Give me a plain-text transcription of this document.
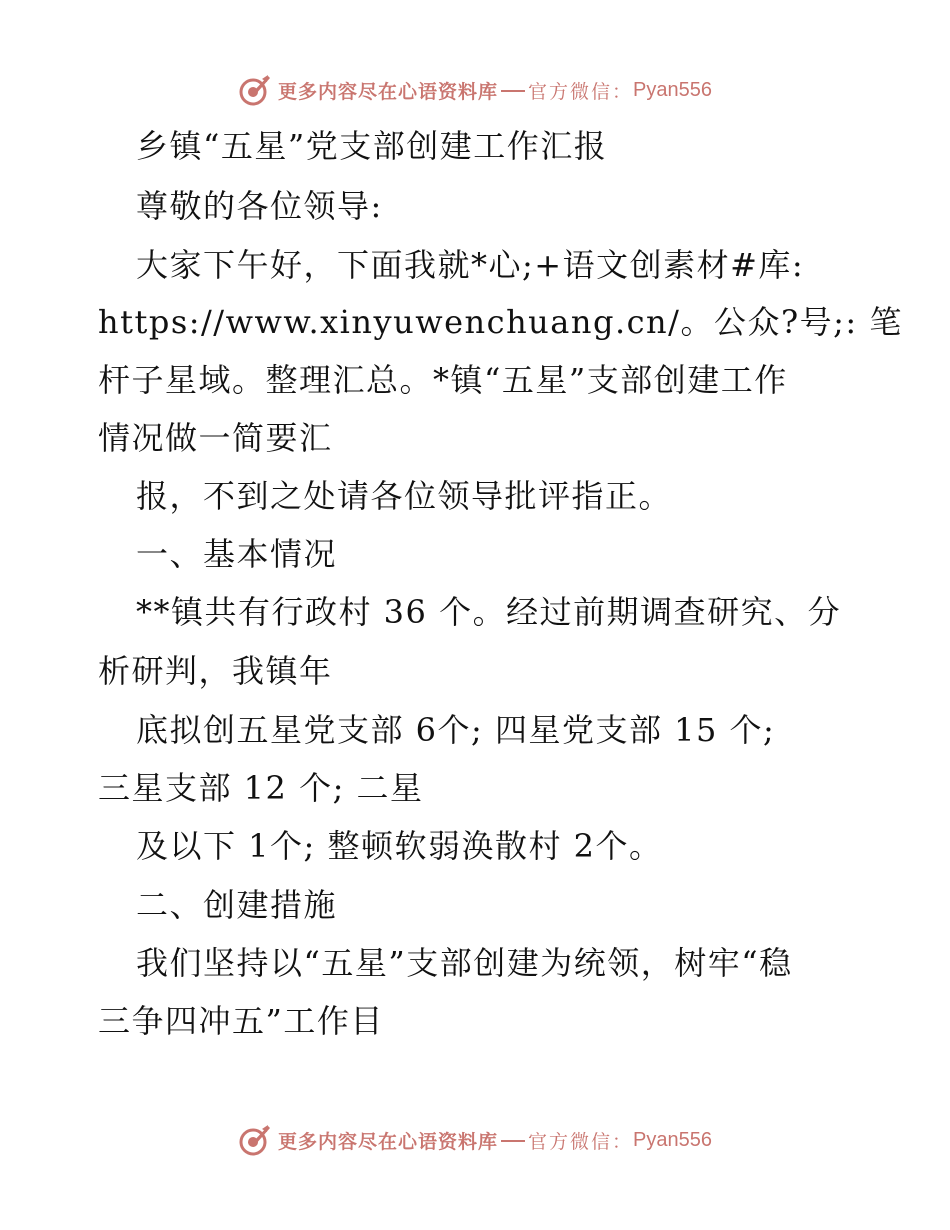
更多内容尽在心语资料库 官方微信： Pyan556
乡镇“五星”党支部创建工作汇报
尊敬的各位领导:
大家下午好，下面我就*心;+语文创素材#库:
https://www.xinyuwenchuang.cn/。公众?号;: 笔
杆子星域。整理汇总。*镇“五星”支部创建工作
情况做一简要汇
报，不到之处请各位领导批评指正。
一、基本情况
**镇共有行政村 36 个。经过前期调查研究、分
析研判，我镇年
底拟创五星党支部 6个; 四星党支部 15 个;
三星支部 12 个; 二星
及以下 1个; 整顿软弱涣散村 2个。
二、创建措施
我们坚持以“五星”支部创建为统领，树牢“稳
三争四冲五”工作目
更多内容尽在心语资料库 官方微信： Pyan556
